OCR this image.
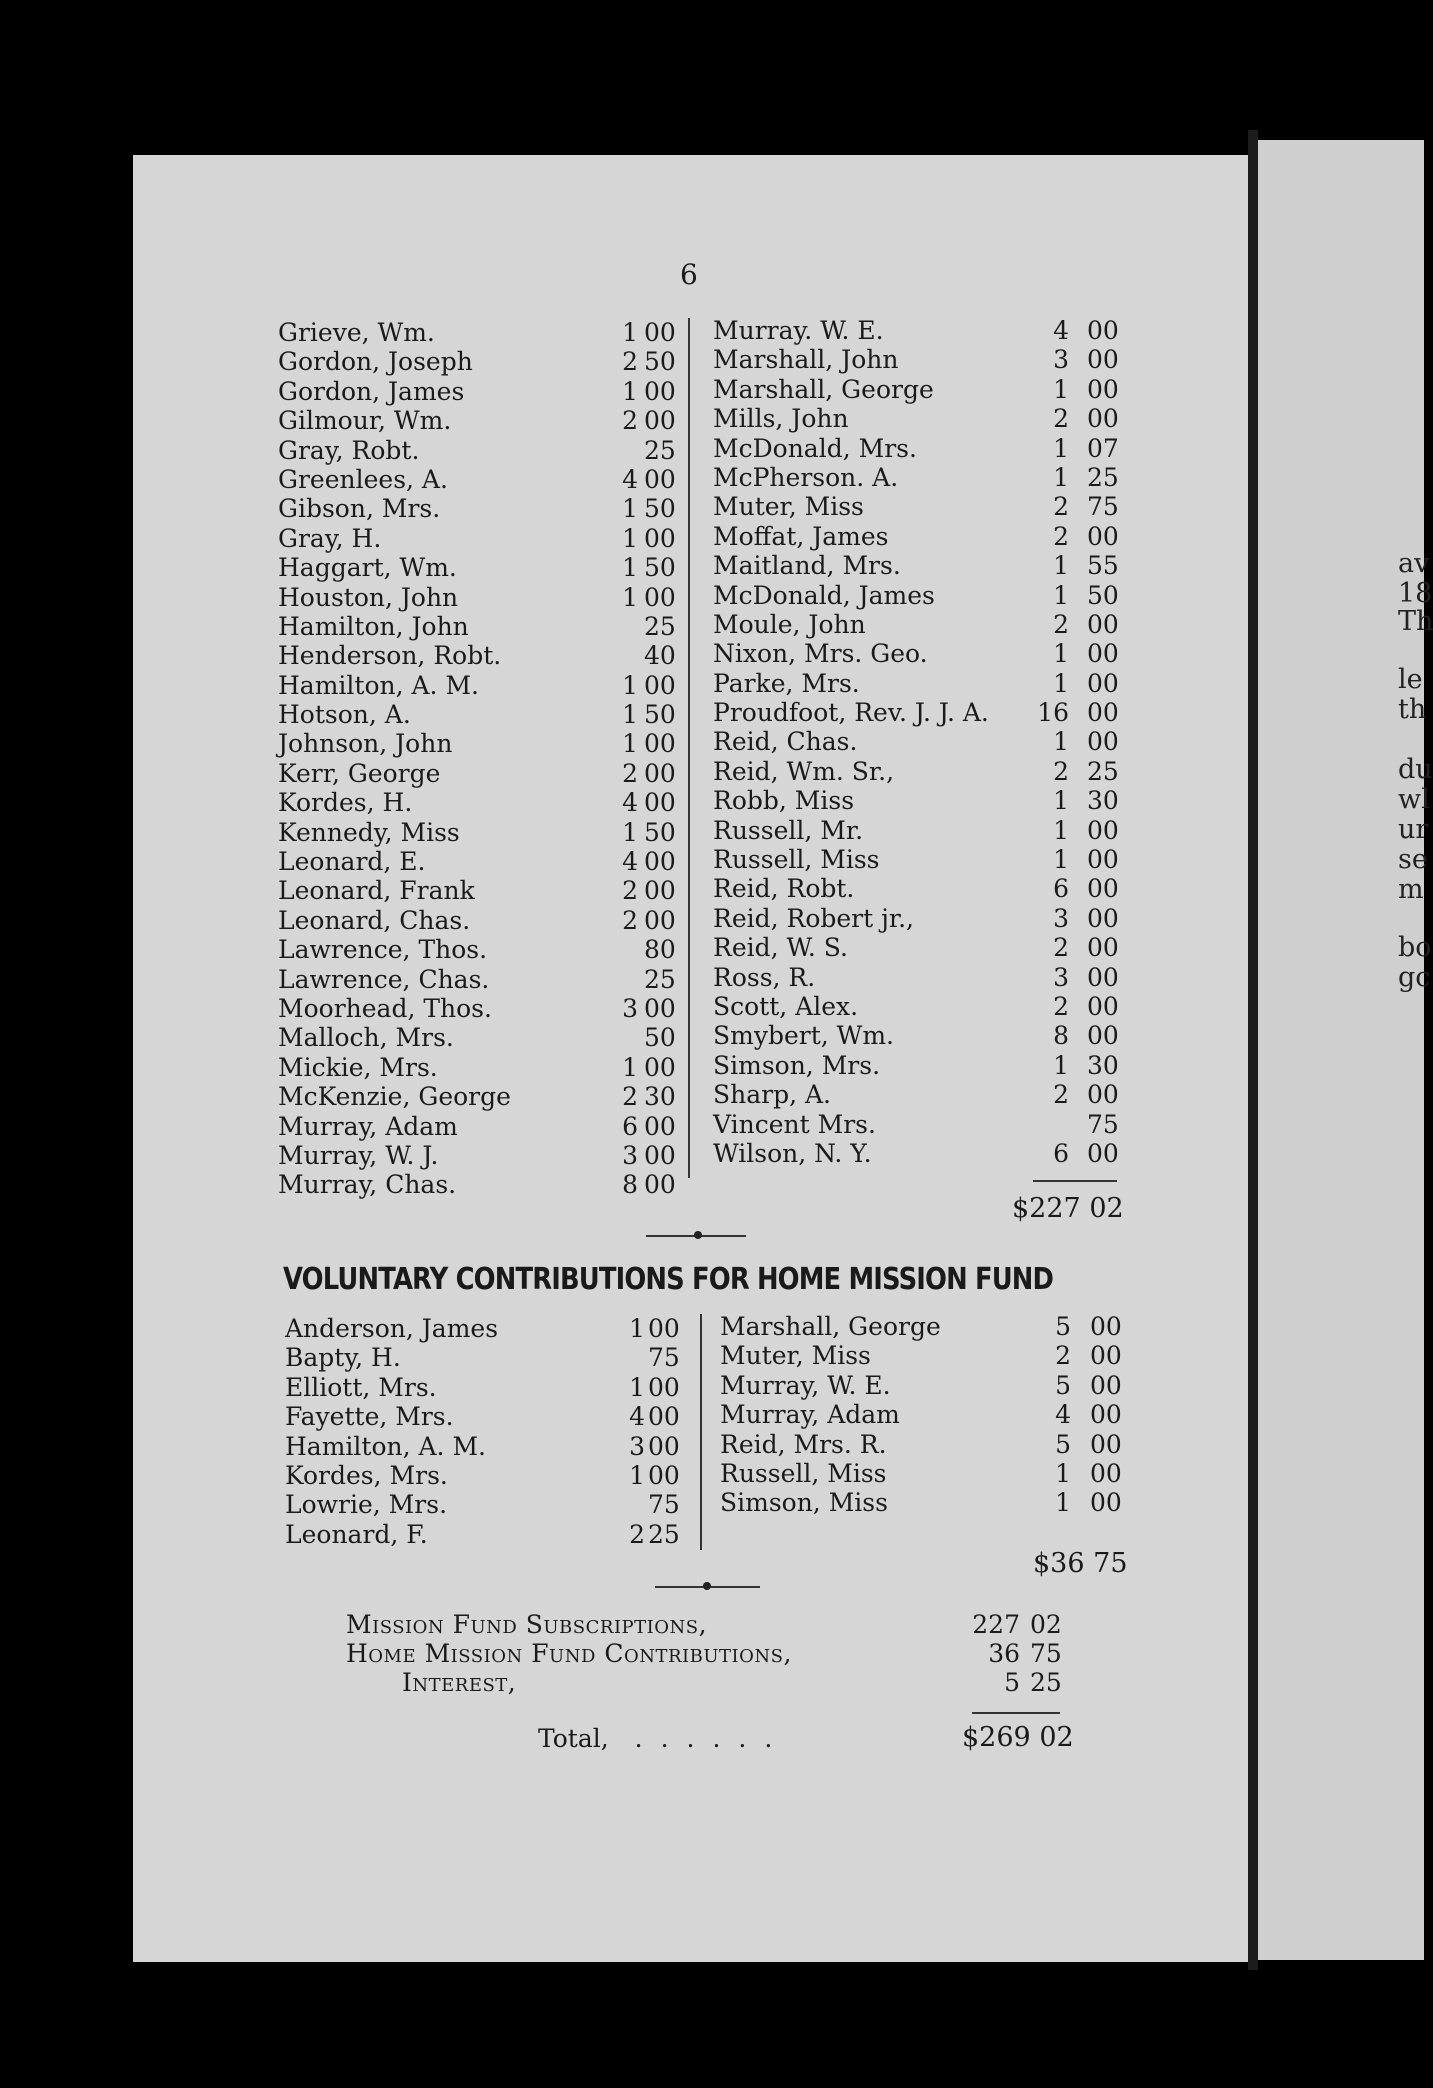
av
18
Th
le
th
du
wl
ur
se
m
bo
gc
6
Grieve, Wm.	1 00
Gordon, Joseph	2 50
Gordon, James	1 00
Gilmour, Wm.	2 00
Gray, Robt.	25
Greenlees, A.	4 00
Gibson, Mrs.	1 50
Gray, H.	1 00
Haggart, Wm.	1 50
Houston, John	1 00
Hamilton, John	25
Henderson, Robt.	40
Hamilton, A. M.	1 00
Hotson, A.	1 50
Johnson, John	1 00
Kerr, George	2 00
Kordes, H.	4 00
Kennedy, Miss	1 50
Leonard, E.	4 00
Leonard, Frank	2 00
Leonard, Chas.	2 00
Lawrence, Thos.	80
Lawrence, Chas.	25
Moorhead, Thos.	3 00
Malloch, Mrs.	50
Mickie, Mrs.	1 00
McKenzie, George	2 30
Murray, Adam	6 00
Murray, W. J.	3 00
Murray, Chas.	8 00
Murray. W. E.	4 00
Marshall, John	3 00
Marshall, George	1 00
Mills, John	2 00
McDonald, Mrs.	1 07
McPherson. A.	1 25
Muter, Miss	2 75
Moffat, James	2 00
Maitland, Mrs.	1 55
McDonald, James	1 50
Moule, John	2 00
Nixon, Mrs. Geo.	1 00
Parke, Mrs.	1 00
Proudfoot, Rev. J. J. A. 16 00
Reid, Chas.	1 00
Reid, Wm. Sr.,	2 25
Robb, Miss	1 30
Russell, Mr.	1 00
Russell, Miss	1 00
Reid, Robt.	6 00
Reid, Robert jr.,	3 00
Reid, W. S.	2 00
Ross, R.	3 00
Scott, Alex.	2 00
Smybert, Wm.	8 00
Simson, Mrs.	1 30
Sharp, A.	2 00
Vincent Mrs.	75
Wilson, N. Y.	6 00
$227 02
VOLUNTARY CONTRIBUTIONS FOR HOME MISSION FUND
Anderson, James	1 00
Bapty, H.	75
Elliott, Mrs.	1 00
Fayette, Mrs.	4 00
Hamilton, A. M.	3 00
Kordes, Mrs.	1 00
Lowrie, Mrs.	75
Leonard, F.	2 25
Marshall, George	5 00
Muter, Miss	2 00
Murray, W. E.	5 00
Murray, Adam	4 00
Reid, Mrs. R.	5 00
Russell, Miss	1 00
Simson, Miss	1 00
$36 75
Mission Fund Subscriptions,	227 02
Home Mission Fund Contributions,	36 75
Interest,	5 25
Total, ......	$269 02
